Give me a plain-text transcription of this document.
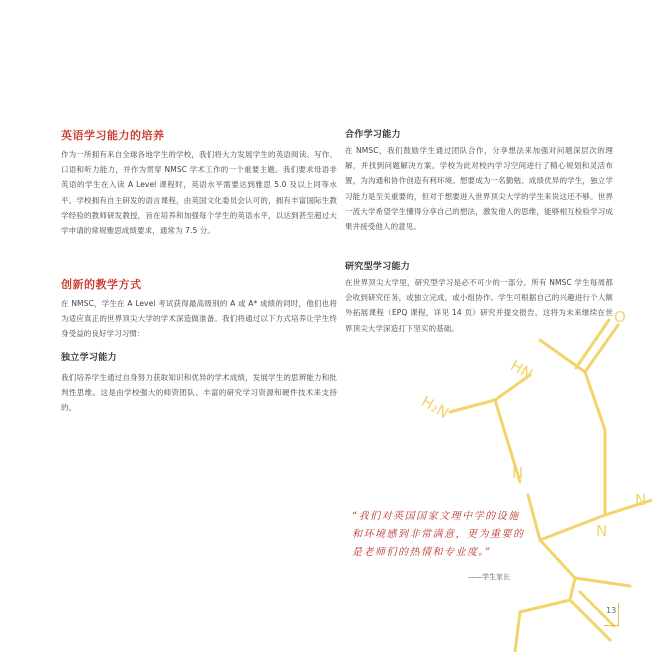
英语学习能力的培养

作为一所拥有来自全球各地学生的学校，我们将大力发展学生的英语阅读、写作、口语和听力能力，并作为贯穿 NMSC 学术工作的一个重要主题。我们要求母语非英语的学生在入读 A Level 课程时，英语水平需要达到雅思 5.0 及以上同等水平。学校拥有自主研发的语言课程，由英国文化委员会认可的，拥有丰富国际生教学经验的教师研发教授，旨在培养和加强每个学生的英语水平，以达到甚至超过大学申请的常规雅思成绩要求，通常为 7.5 分。

创新的教学方式

在 NMSC，学生在 A Level 考试获得最高级别的 A 或 A* 成绩的同时，他们也将为适应真正的世界顶尖大学的学术深造做准备。我们将通过以下方式培养让学生终身受益的良好学习习惯：

独立学习能力

我们培养学生通过自身努力获取知识和优异的学术成绩，发展学生的思辨能力和批判性思维。这是由学校强大的师资团队、丰富的研究学习资源和硬件技术来支持的。

合作学习能力

在 NMSC，我们鼓励学生通过团队合作，分享想法来加强对问题深层次的理解，并找到问题解决方案。学校为此对校内学习空间进行了精心规划和灵活布置，为沟通和协作创造有利环境。想要成为一名勤勉、成绩优异的学生，独立学习能力是至关重要的，但对于想要进入世界顶尖大学的学生来说这还不够。世界一流大学希望学生懂得分享自己的想法，激发他人的思维，能够相互检验学习成果并接受他人的意见。

研究型学习能力

在世界顶尖大学里，研究型学习是必不可少的一部分。所有 NMSC 学生每周都会收到研究任务，或独立完成，或小组协作。学生可根据自己的兴趣进行个人额外拓展课程（EPQ 课程，详见 14 页）研究并提交报告，这将为未来继续在世界顶尖大学深造打下坚实的基础。

O
HN
H₂N
N
N
N

“我们对英国国家文理中学的设施和环境感到非常满意，更为重要的是老师们的热情和专业度。”

——学生家长

13
